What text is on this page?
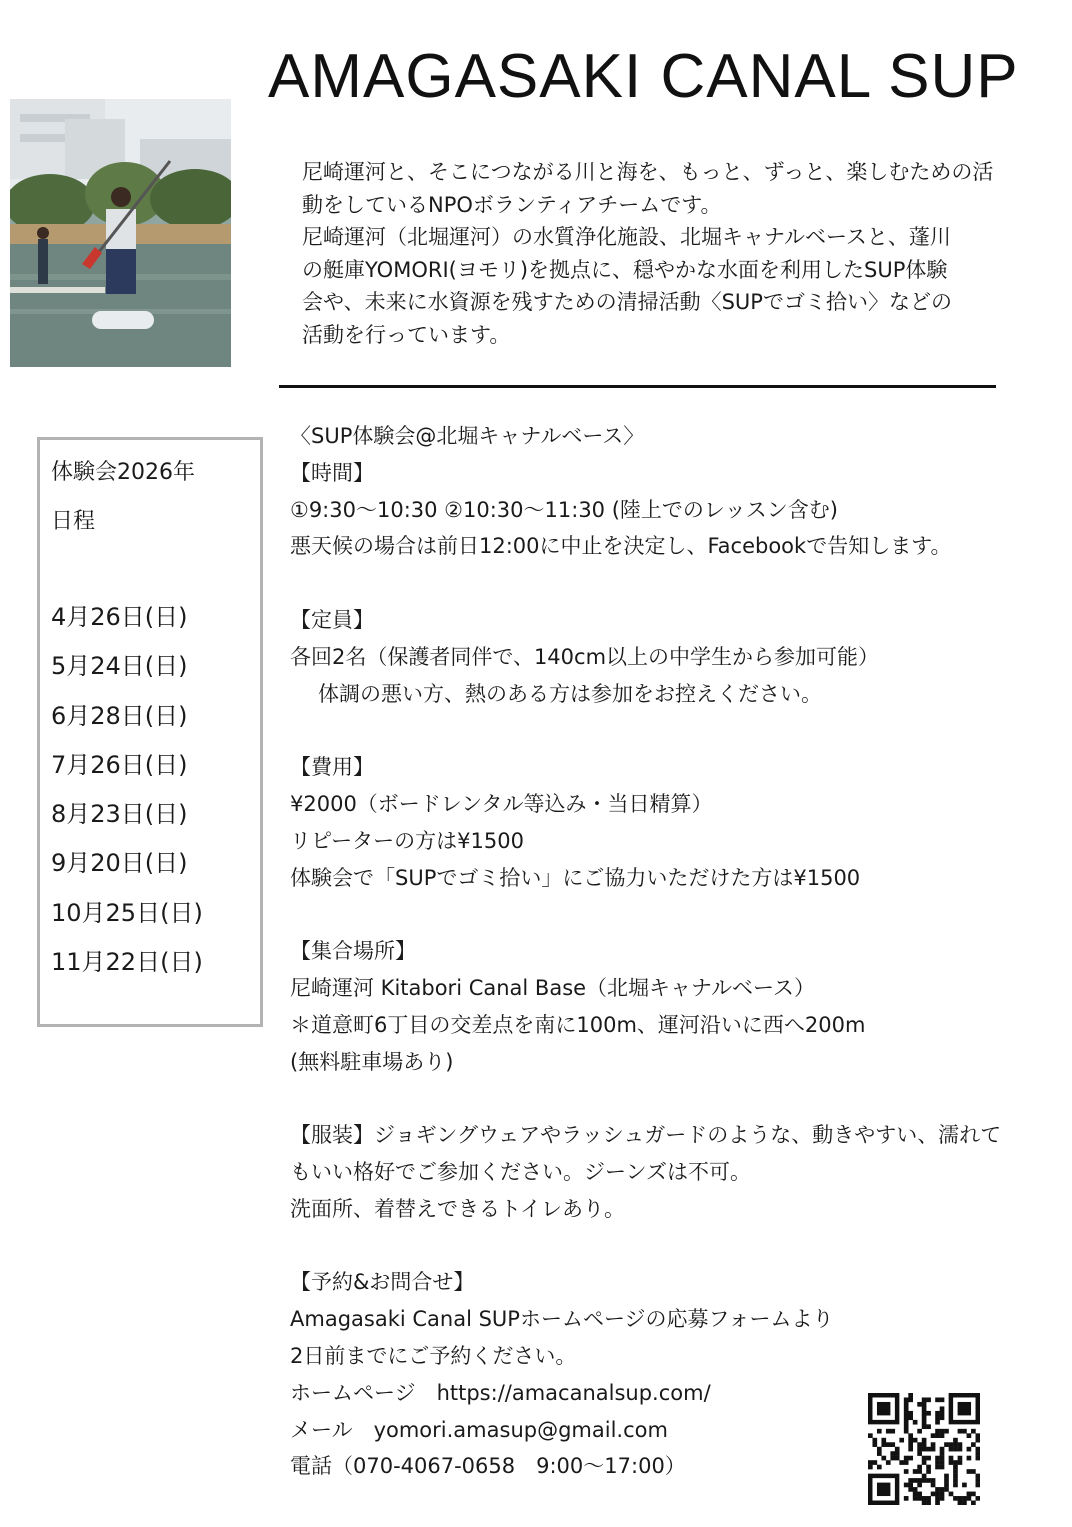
AMAGASAKI CANAL SUP
尼崎運河と、そこにつながる川と海を、もっと、ずっと、楽しむための活
動をしているNPOボランティアチームです。
尼崎運河（北堀運河）の水質浄化施設、北堀キャナルベースと、蓬川
の艇庫YOMORI(ヨモリ)を拠点に、穏やかな水面を利用したSUP体験
会や、未来に水資源を残すための清掃活動〈SUPでゴミ拾い〉などの
活動を行っています。
体験会2026年
日程
4月26日(日)
5月24日(日)
6月28日(日)
7月26日(日)
8月23日(日)
9月20日(日)
10月25日(日)
11月22日(日)

〈SUP体験会@北堀キャナルベース〉

【時間】

①9:30〜10:30 ②10:30〜11:30 (陸上でのレッスン含む)

悪天候の場合は前日12:00に中止を決定し、Facebookで告知します。

【定員】

各回2名（保護者同伴で、140cm以上の中学生から参加可能）

体調の悪い方、熱のある方は参加をお控えください。

【費用】

¥2000（ボードレンタル等込み・当日精算）

リピーターの方は¥1500

体験会で「SUPでゴミ拾い」にご協力いただけた方は¥1500

【集合場所】

尼崎運河 Kitabori Canal Base（北堀キャナルベース）

＊道意町6丁目の交差点を南に100m、運河沿いに西へ200m

(無料駐車場あり)

【服装】ジョギングウェアやラッシュガードのような、動きやすい、濡れて

もいい格好でご参加ください。ジーンズは不可。

洗面所、着替えできるトイレあり。

【予約&お問合せ】

Amagasaki Canal SUPホームページの応募フォームより

2日前までにご予約ください。

ホームページ　https://amacanalsup.com/

メール　yomori.amasup@gmail.com

電話（070-4067-0658　9:00〜17:00）
